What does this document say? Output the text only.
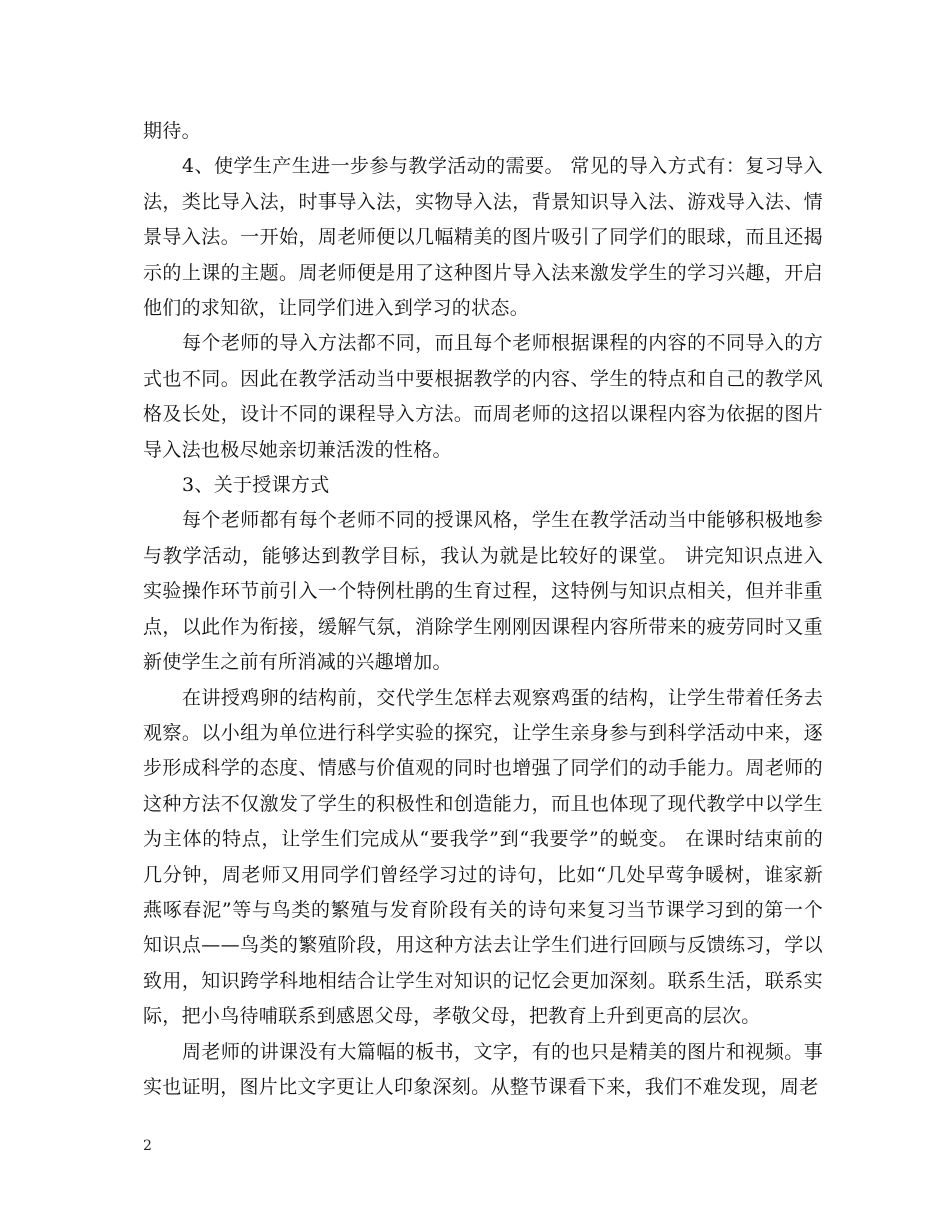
期待。

4、使学生产生进一步参与教学活动的需要。 常见的导入方式有：复习导入法，类比导入法，时事导入法，实物导入法，背景知识导入法、游戏导入法、情景导入法。一开始，周老师便以几幅精美的图片吸引了同学们的眼球，而且还揭示的上课的主题。周老师便是用了这种图片导入法来激发学生的学习兴趣，开启他们的求知欲，让同学们进入到学习的状态。

每个老师的导入方法都不同，而且每个老师根据课程的内容的不同导入的方式也不同。因此在教学活动当中要根据教学的内容、学生的特点和自己的教学风格及长处，设计不同的课程导入方法。而周老师的这招以课程内容为依据的图片导入法也极尽她亲切兼活泼的性格。

3、关于授课方式

每个老师都有每个老师不同的授课风格，学生在教学活动当中能够积极地参与教学活动，能够达到教学目标，我认为就是比较好的课堂。 讲完知识点进入实验操作环节前引入一个特例杜鹃的生育过程，这特例与知识点相关，但并非重点，以此作为衔接，缓解气氛，消除学生刚刚因课程内容所带来的疲劳同时又重新使学生之前有所消减的兴趣增加。

在讲授鸡卵的结构前，交代学生怎样去观察鸡蛋的结构，让学生带着任务去观察。以小组为单位进行科学实验的探究，让学生亲身参与到科学活动中来，逐步形成科学的态度、情感与价值观的同时也增强了同学们的动手能力。周老师的这种方法不仅激发了学生的积极性和创造能力，而且也体现了现代教学中以学生为主体的特点，让学生们完成从“要我学”到“我要学”的蜕变。 在课时结束前的几分钟，周老师又用同学们曾经学习过的诗句，比如“几处早莺争暖树，谁家新燕啄春泥”等与鸟类的繁殖与发育阶段有关的诗句来复习当节课学习到的第一个知识点——鸟类的繁殖阶段，用这种方法去让学生们进行回顾与反馈练习，学以致用，知识跨学科地相结合让学生对知识的记忆会更加深刻。联系生活，联系实际，把小鸟待哺联系到感恩父母，孝敬父母，把教育上升到更高的层次。

周老师的讲课没有大篇幅的板书，文字，有的也只是精美的图片和视频。事实也证明，图片比文字更让人印象深刻。从整节课看下来，我们不难发现，周老

2
